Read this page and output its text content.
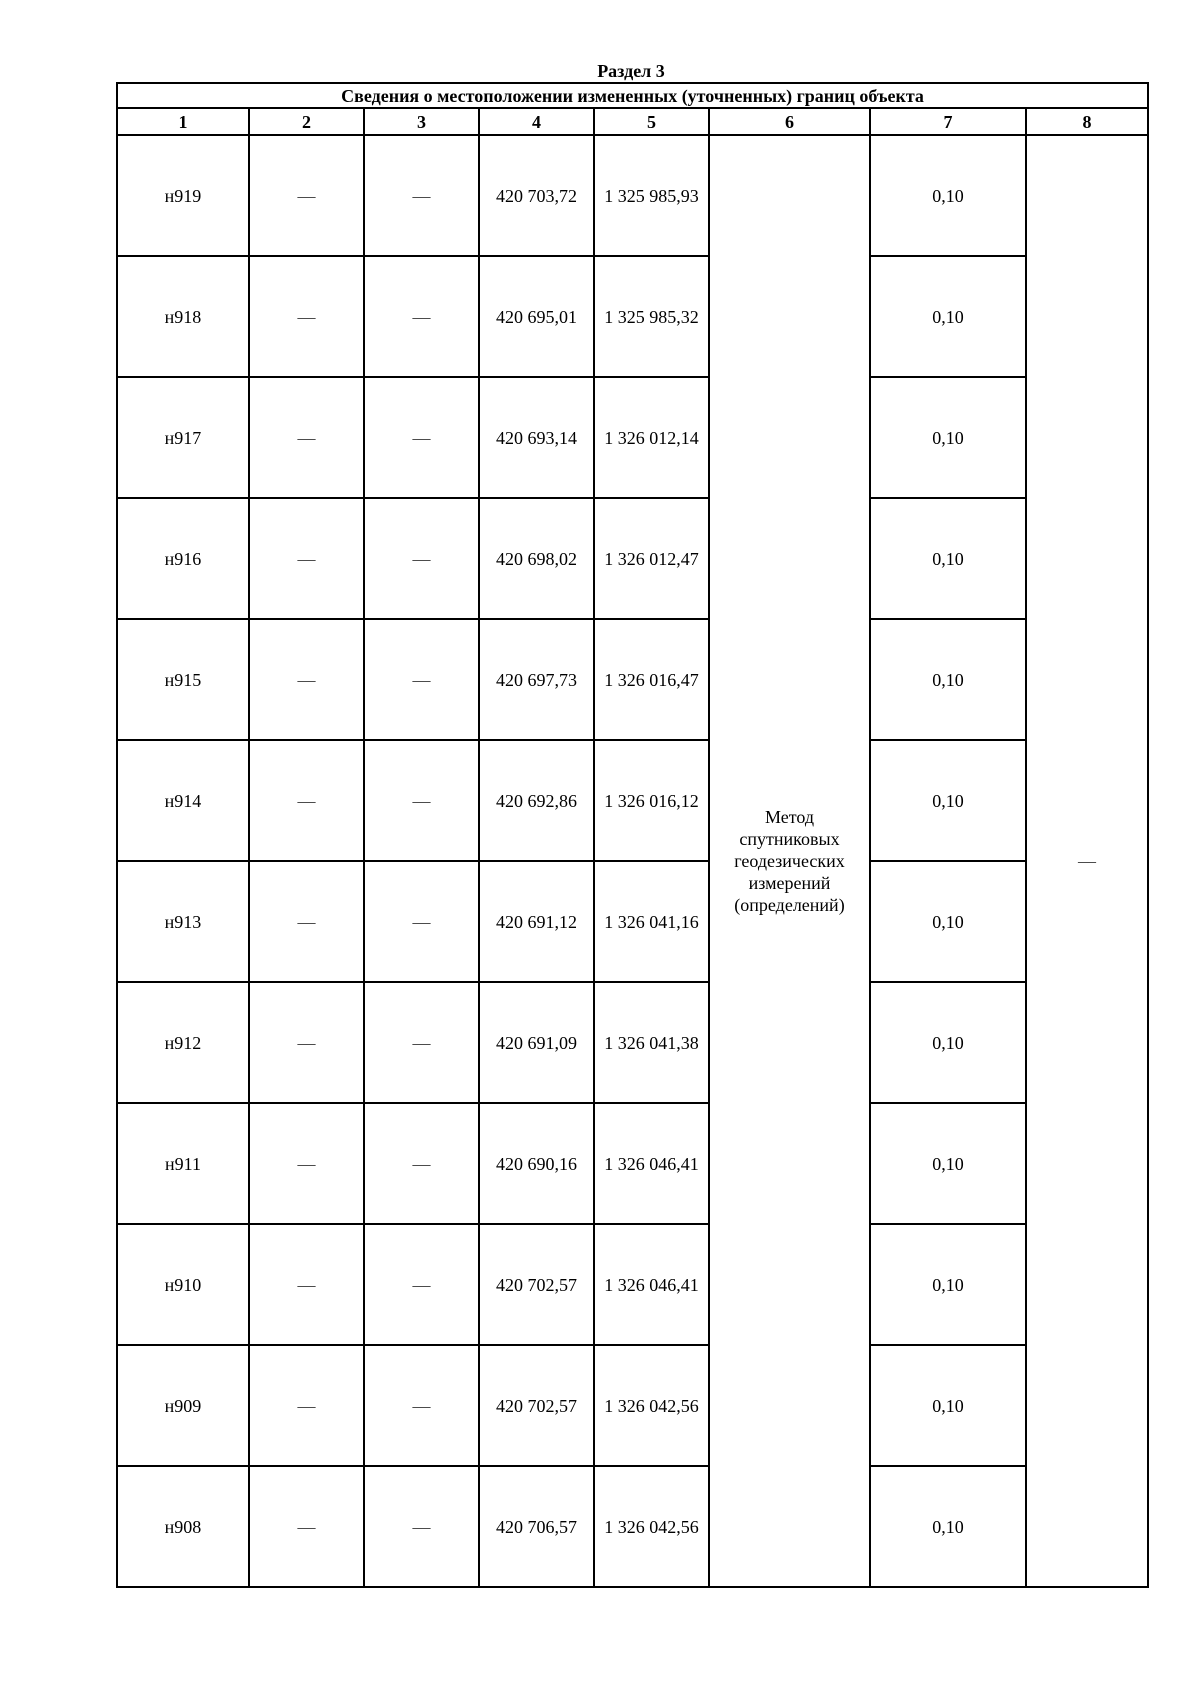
Раздел 3
Сведения о местоположении измененных (уточненных) границ объекта							
1	2	3	4	5	6	7	8
н919	—	—	420 703,72	1 325 985,93	Метод
спутниковых
геодезических
измерений
(определений)	0,10	—
н918	—	—	420 695,01	1 325 985,32		0,10	
н917	—	—	420 693,14	1 326 012,14		0,10	
н916	—	—	420 698,02	1 326 012,47		0,10	
н915	—	—	420 697,73	1 326 016,47		0,10	
н914	—	—	420 692,86	1 326 016,12		0,10	
н913	—	—	420 691,12	1 326 041,16		0,10	
н912	—	—	420 691,09	1 326 041,38		0,10	
н911	—	—	420 690,16	1 326 046,41		0,10	
н910	—	—	420 702,57	1 326 046,41		0,10	
н909	—	—	420 702,57	1 326 042,56		0,10	
н908	—	—	420 706,57	1 326 042,56		0,10	
